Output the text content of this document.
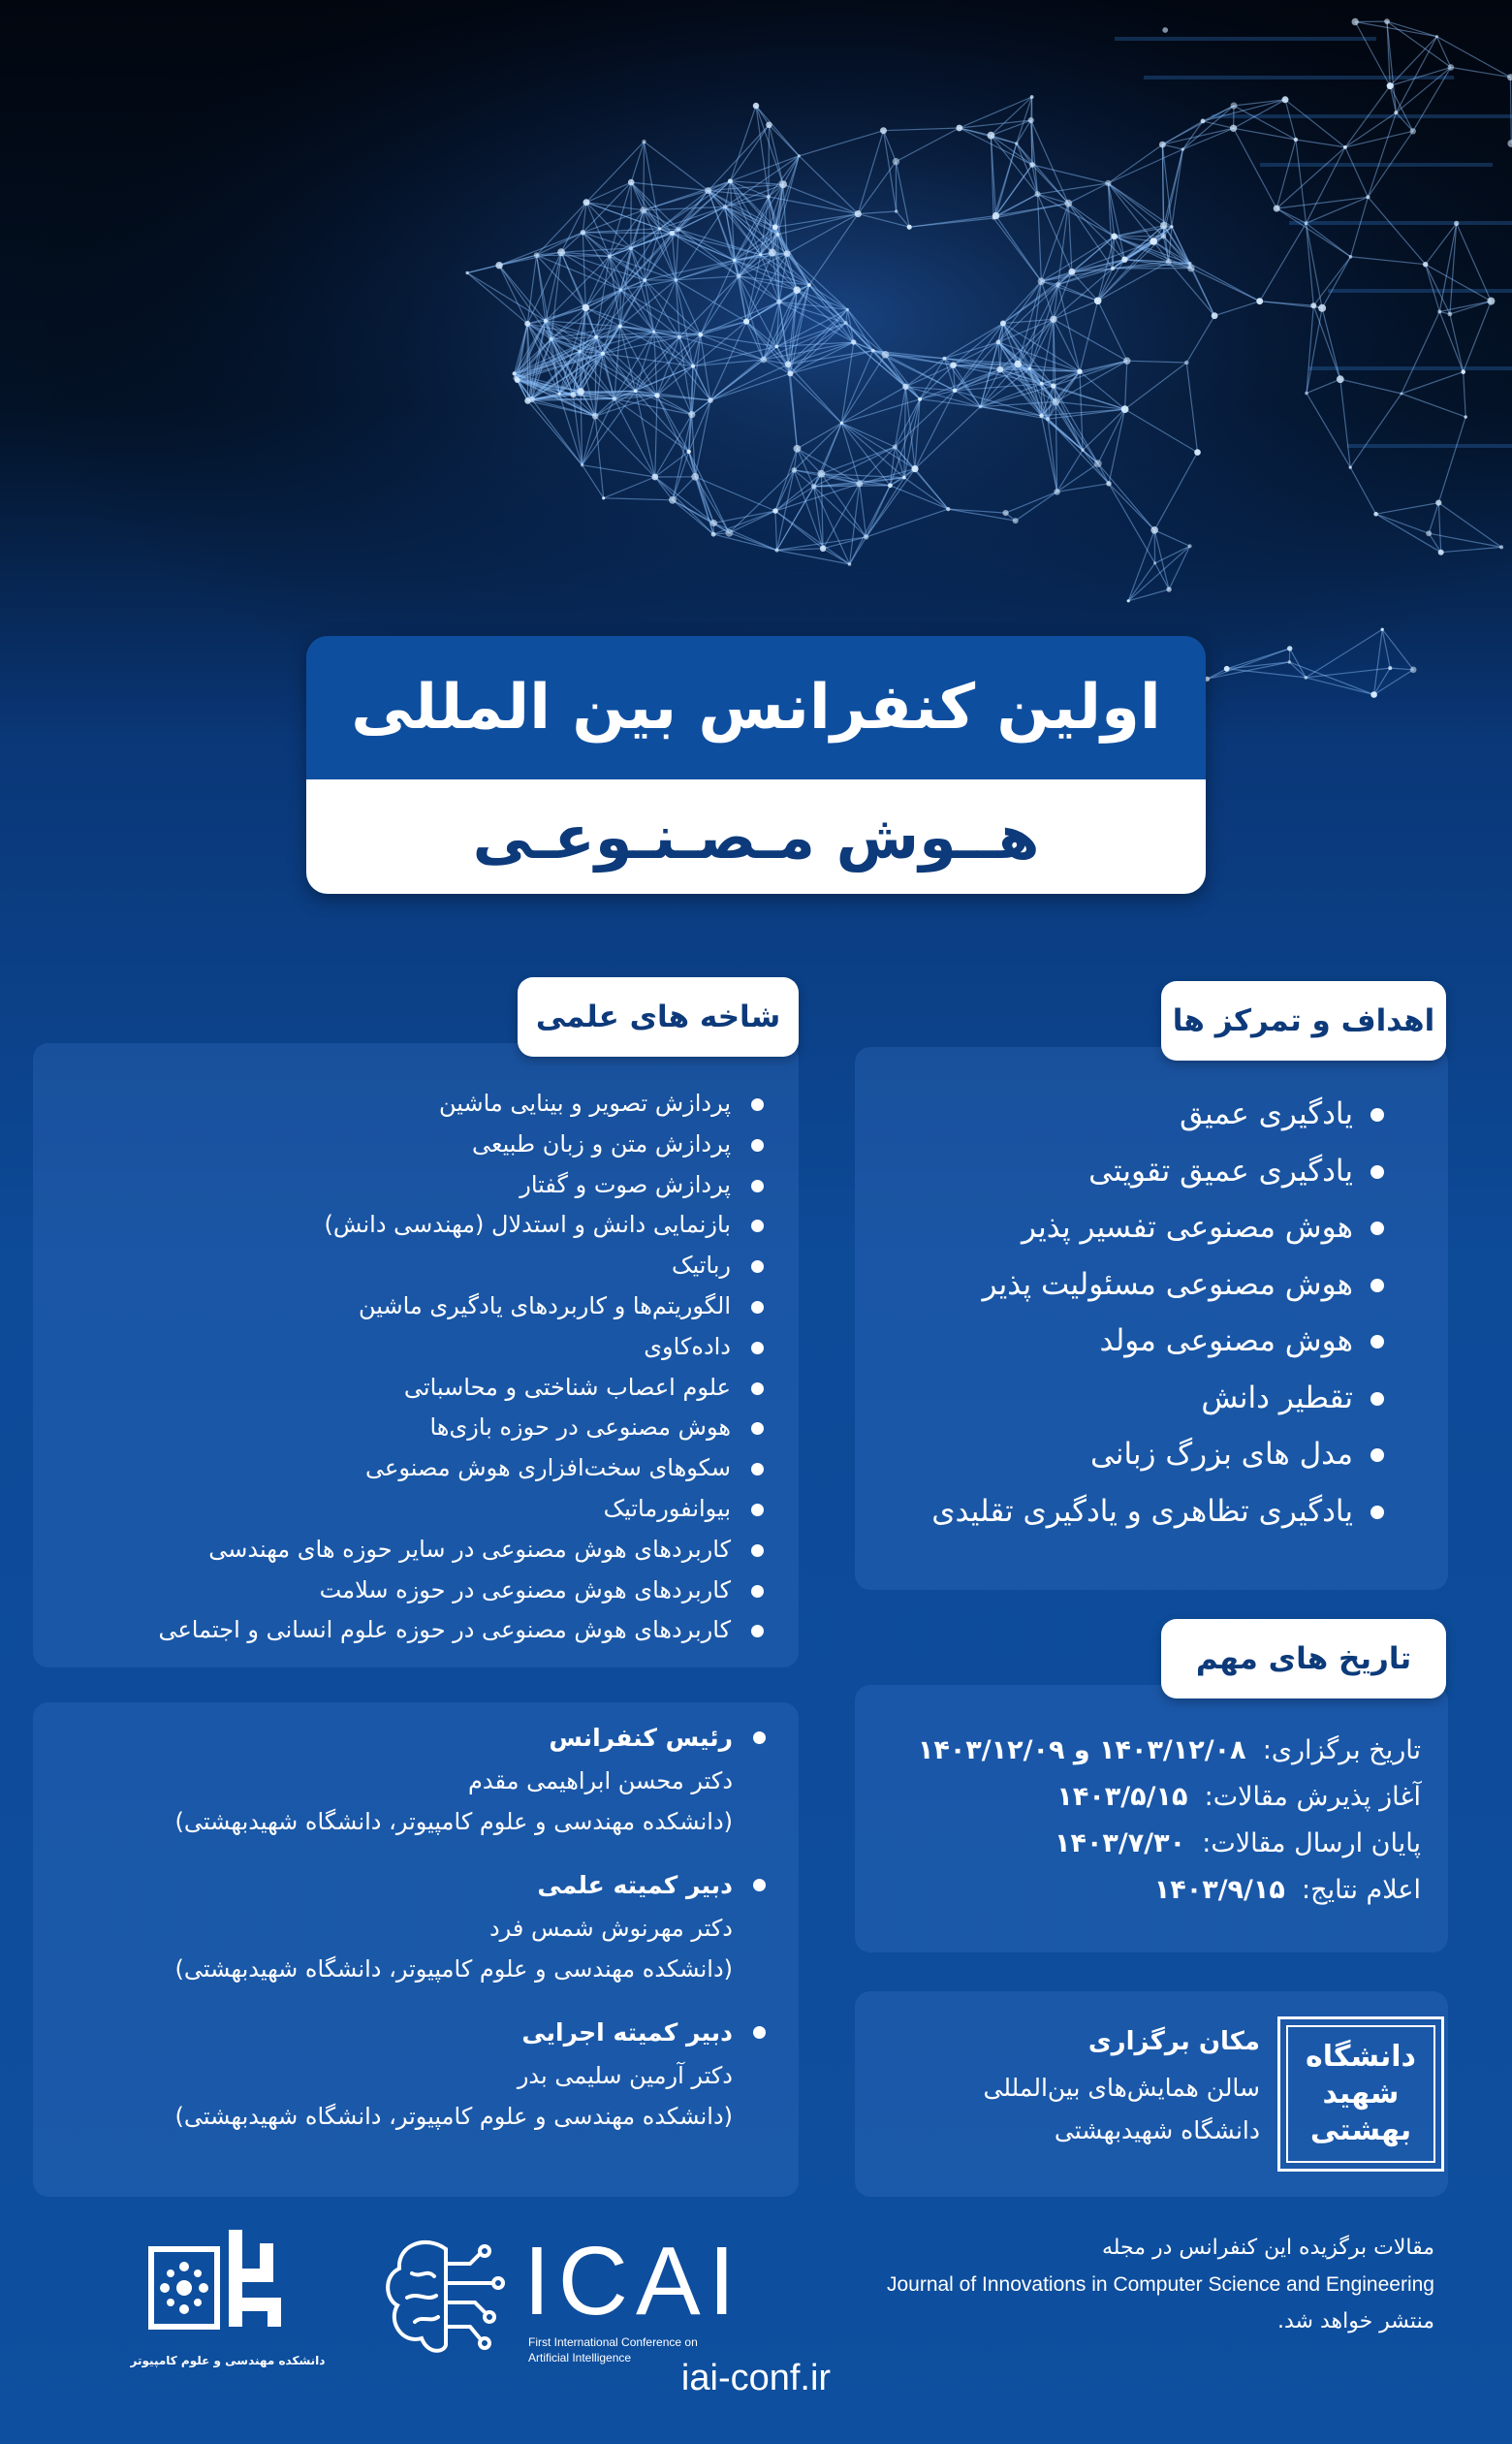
اولین کنفرانس بین المللی
هــوش مـصـنـوعـی
اهداف و تمرکز ها
یادگیری عمیق
یادگیری عمیق تقویتی
هوش مصنوعی تفسیر پذیر
هوش مصنوعی مسئولیت پذیر
هوش مصنوعی مولد
تقطیر دانش
مدل های بزرگ زبانی
یادگیری تظاهری و یادگیری تقلیدی
شاخه های علمی
پردازش تصویر و بینایی ماشین
پردازش متن و زبان طبیعی
پردازش صوت و گفتار
بازنمایی دانش و استدلال (مهندسی دانش)
رباتیک
الگوریتم‌ها و کاربردهای یادگیری ماشین
داده‌کاوی
علوم اعصاب شناختی و محاسباتی
هوش مصنوعی در حوزه بازی‌ها
سکوهای سخت‌افزاری هوش مصنوعی
بیوانفورماتیک
کاربردهای هوش مصنوعی در سایر حوزه های مهندسی
کاربردهای هوش مصنوعی در حوزه سلامت
کاربردهای هوش مصنوعی در حوزه علوم انسانی و اجتماعی
تاریخ های مهم
تاریخ برگزاری:  ۱۴۰۳/۱۲/۰۸ و ۱۴۰۳/۱۲/۰۹
آغاز پذیرش مقالات:  ۱۴۰۳/۵/۱۵
پایان ارسال مقالات:  ۱۴۰۳/۷/۳۰
اعلام نتایج:  ۱۴۰۳/۹/۱۵
رئیس کنفرانس
دکتر محسن ابراهیمی مقدم
(دانشکده مهندسی و علوم کامپیوتر، دانشگاه شهیدبهشتی)
دبیر کمیته علمی
دکتر مهرنوش شمس فرد
(دانشکده مهندسی و علوم کامپیوتر، دانشگاه شهیدبهشتی)
دبیر کمیته اجرایی
دکتر آرمین سلیمی بدر
(دانشکده مهندسی و علوم کامپیوتر، دانشگاه شهیدبهشتی)
دانشگاه شهید بهشتی
مکان برگزاری
سالن همایش‌های بین‌المللی
دانشگاه شهیدبهشتی
دانشکده مهندسی و علوم کامپیوتر
ICAI
First International Conference on
Artificial Intelligence
مقالات برگزیده این کنفرانس در مجله
Journal of Innovations in Computer Science and Engineering
منتشر خواهد شد.
iai-conf.ir
